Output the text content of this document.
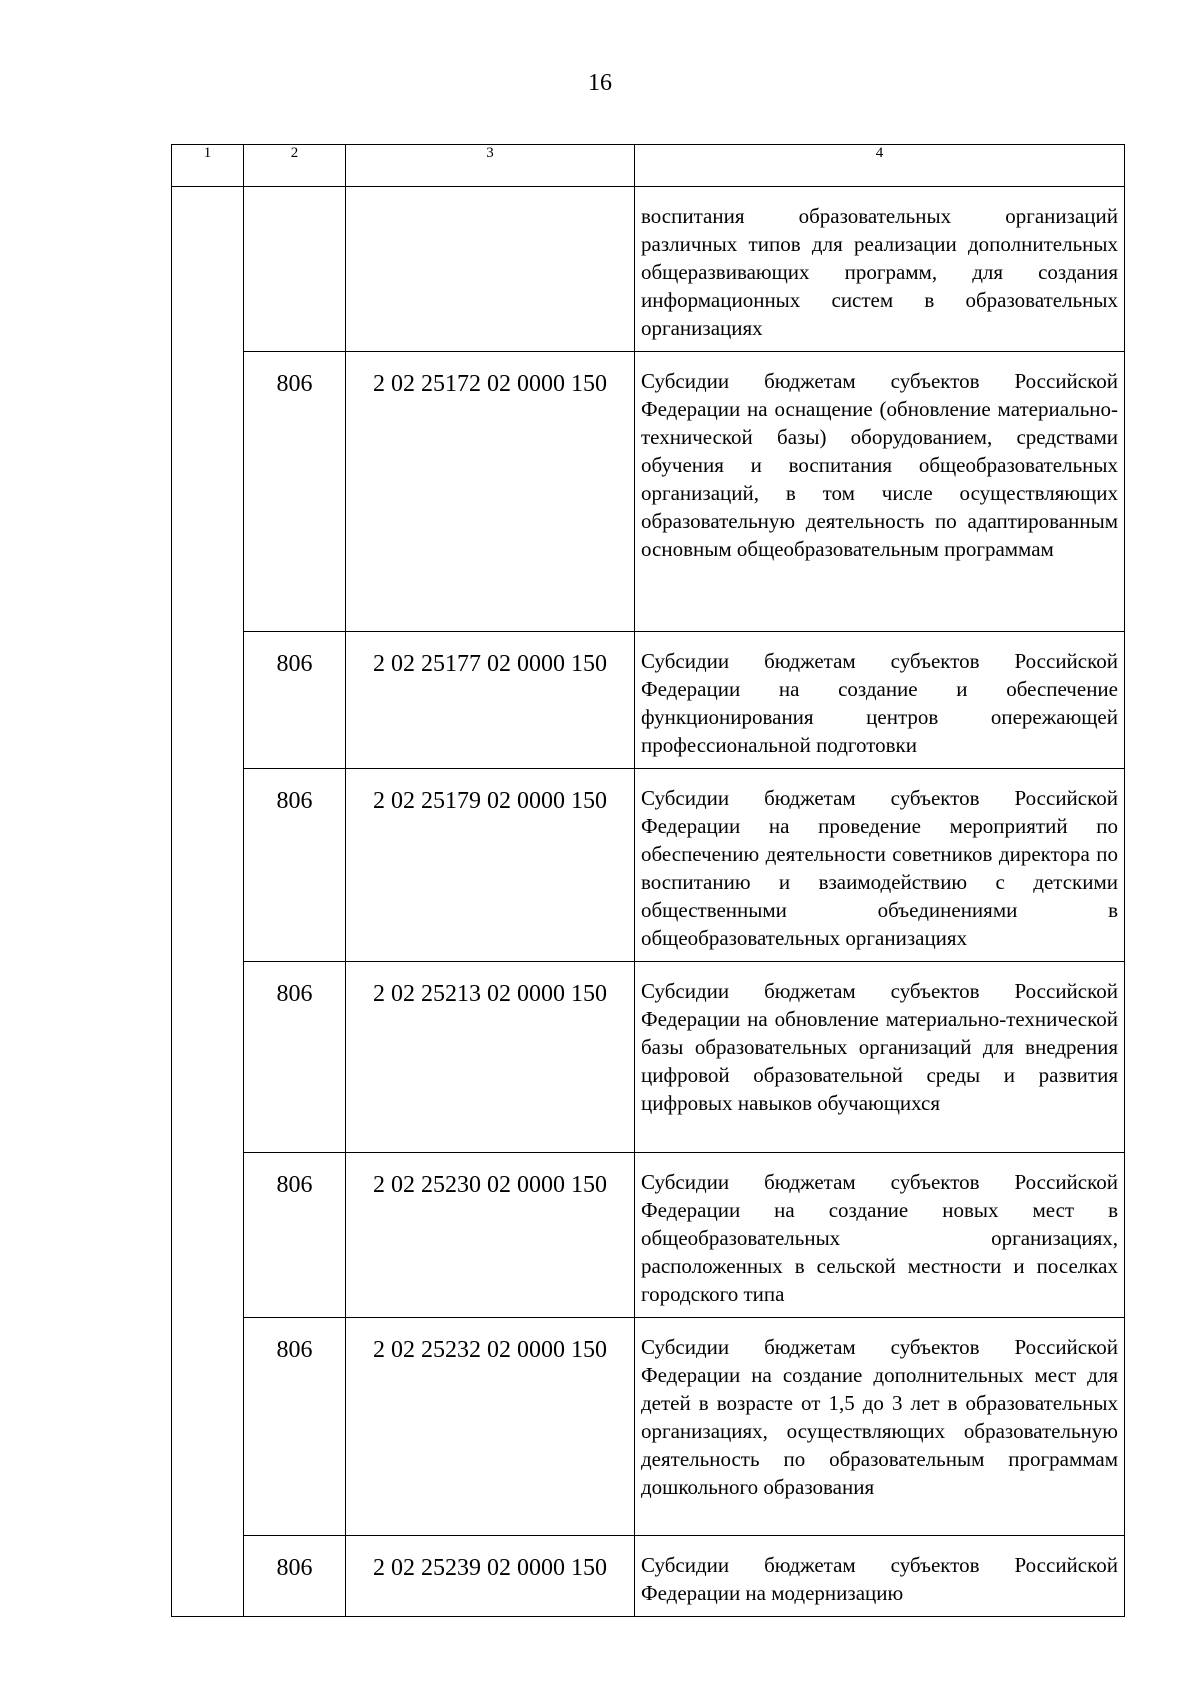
16
1	2	3	4
			воспитания образовательных организаций различных типов для реализации дополнительных общеразвивающих программ, для создания информационных систем в образовательных организациях
	806	2 02 25172 02 0000 150	Субсидии бюджетам субъектов Российской Федерации на оснащение (обновление материально-технической базы) оборудованием, средствами обучения и воспитания общеобразовательных организаций, в том числе осуществляющих образовательную деятельность по адаптированным основным общеобразовательным программам
	806	2 02 25177 02 0000 150	Субсидии бюджетам субъектов Российской Федерации на создание и обеспечение функционирования центров опережающей профессиональной подготовки
	806	2 02 25179 02 0000 150	Субсидии бюджетам субъектов Российской Федерации на проведение мероприятий по обеспечению деятельности советников директора по воспитанию и взаимодействию с детскими общественными объединениями в общеобразовательных организациях
	806	2 02 25213 02 0000 150	Субсидии бюджетам субъектов Российской Федерации на обновление материально-технической базы образовательных организаций для внедрения цифровой образовательной среды и развития цифровых навыков обучающихся
	806	2 02 25230 02 0000 150	Субсидии бюджетам субъектов Российской Федерации на создание новых мест в общеобразовательных организациях, расположенных в сельской местности и поселках городского типа
	806	2 02 25232 02 0000 150	Субсидии бюджетам субъектов Российской Федерации на создание дополнительных мест для детей в возрасте от 1,5 до 3 лет в образовательных организациях, осуществляющих образовательную деятельность по образовательным программам дошкольного образования
	806	2 02 25239 02 0000 150	Субсидии бюджетам субъектов Российской Федерации на модернизацию
